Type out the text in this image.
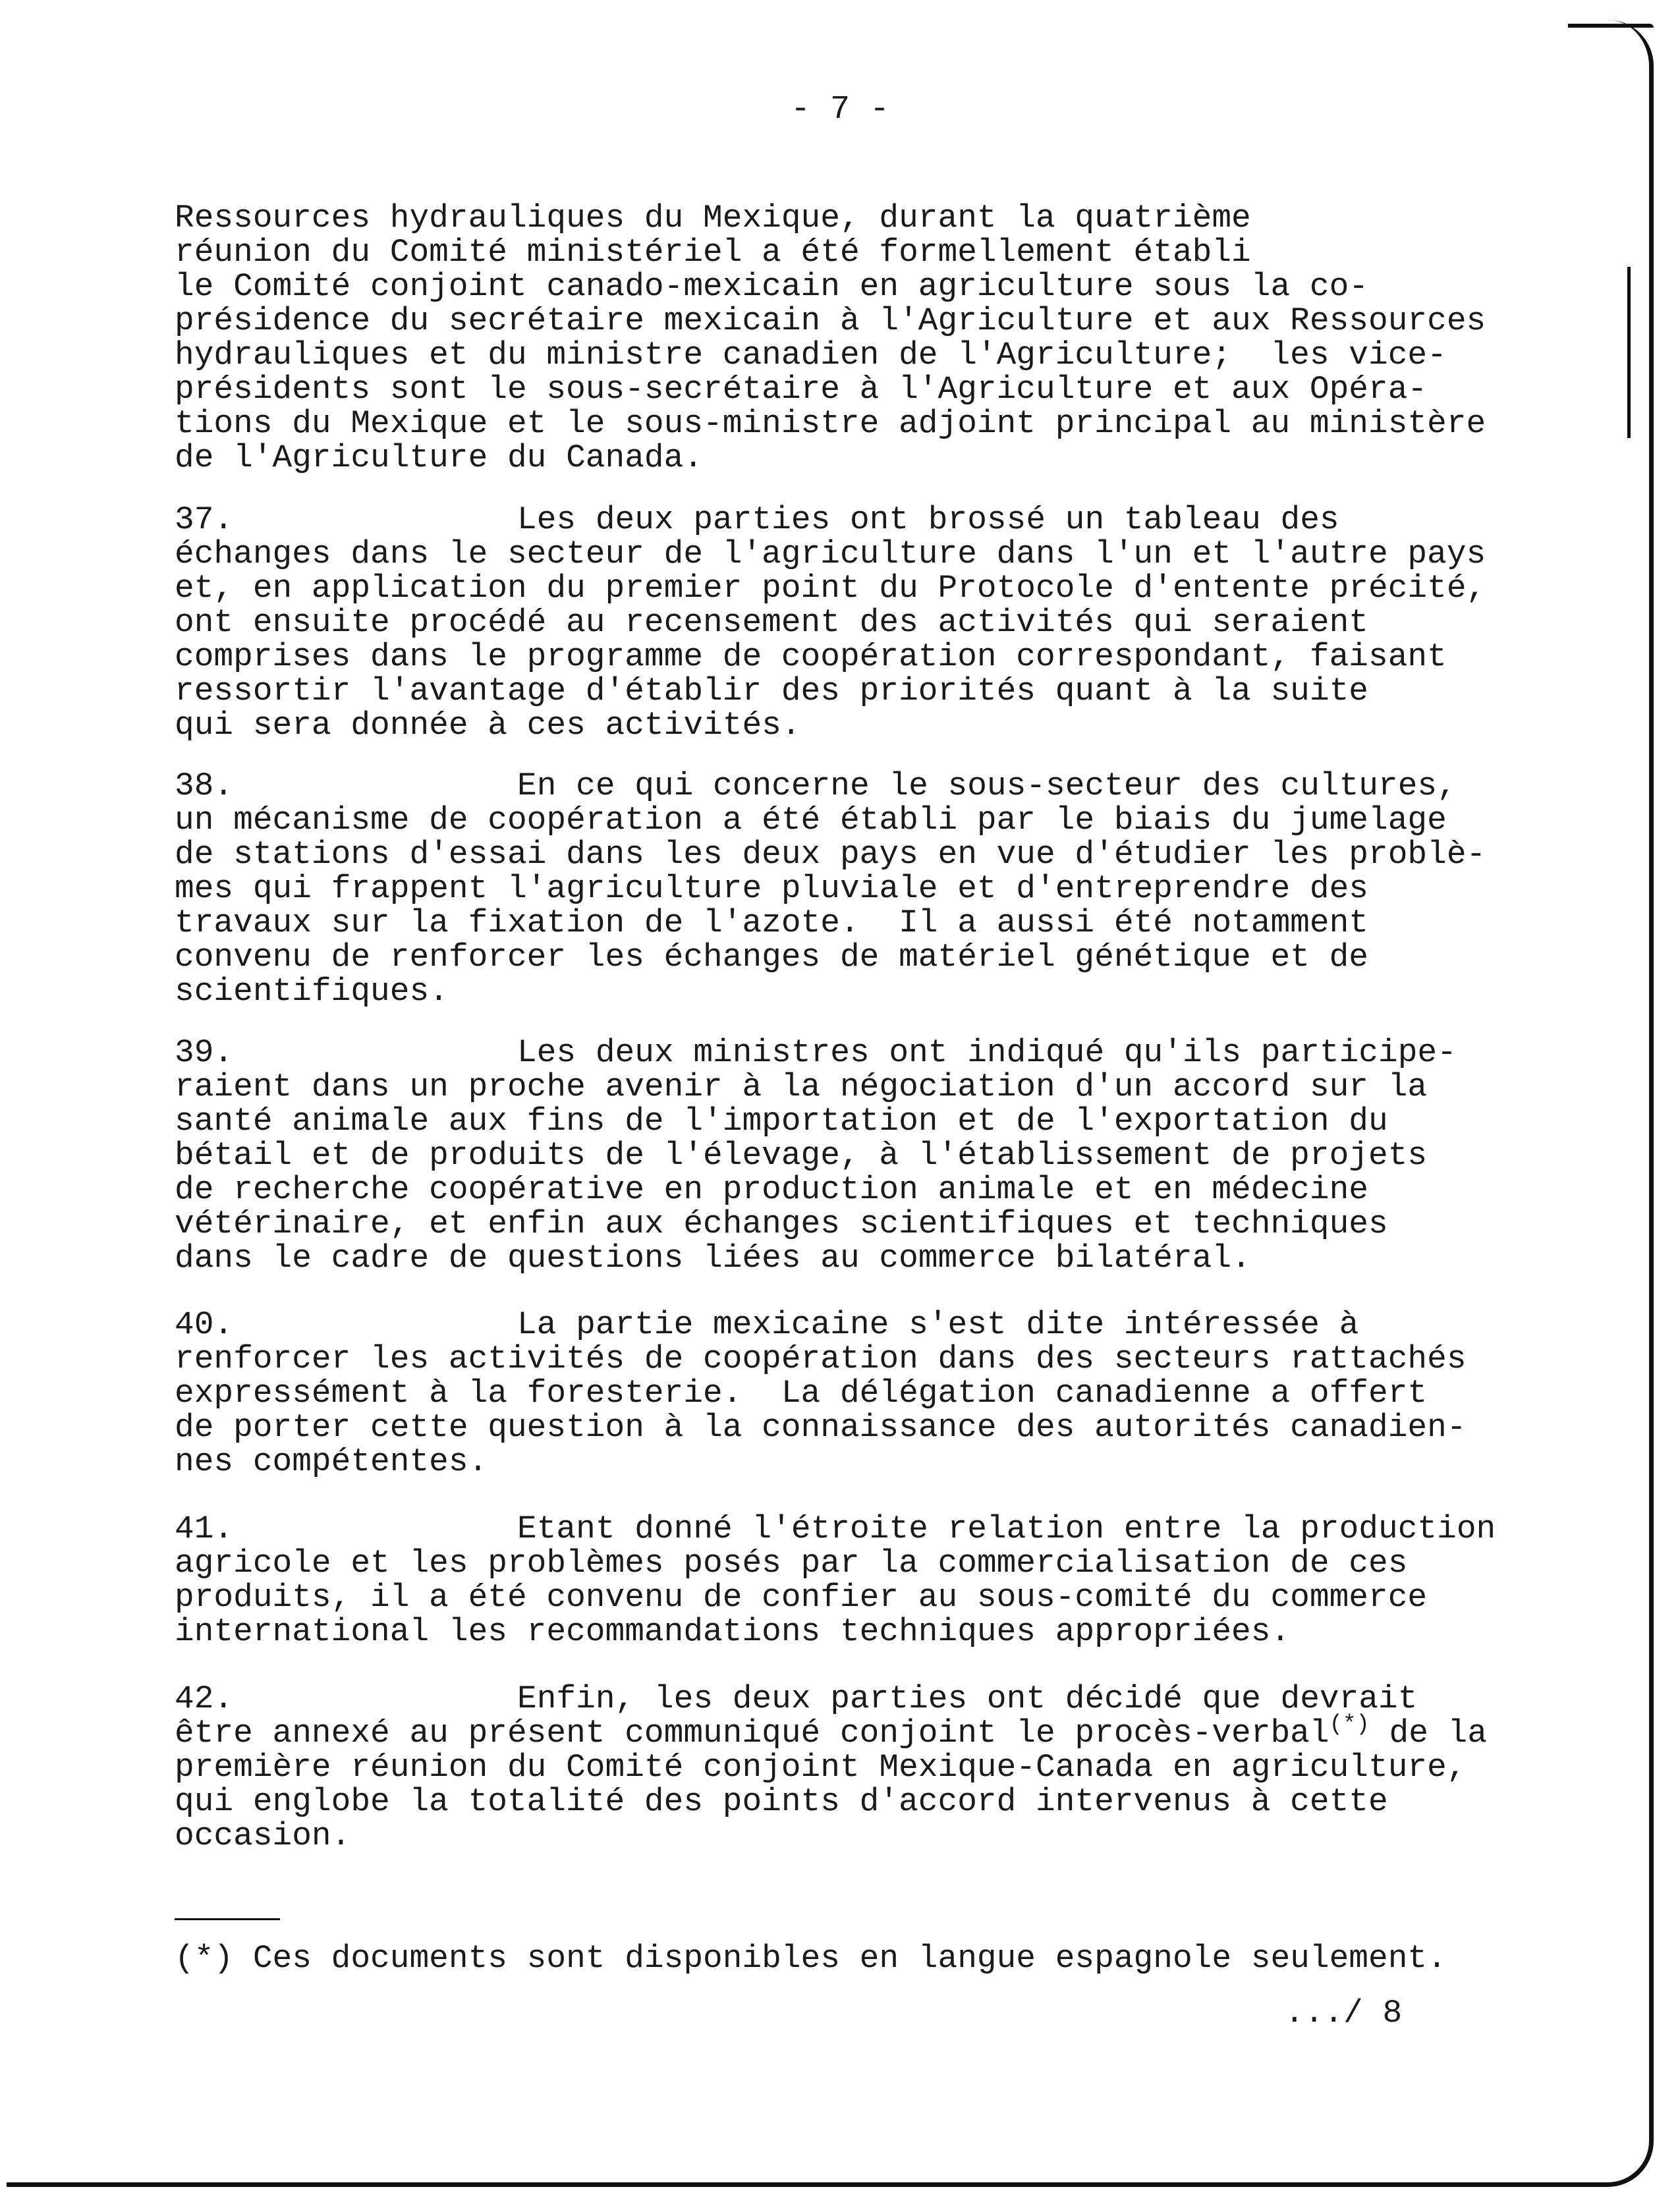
- 7 -
Ressources hydrauliques du Mexique, durant la quatrième
réunion du Comité ministériel a été formellement établi
le Comité conjoint canado-mexicain en agriculture sous la co-
présidence du secrétaire mexicain à l'Agriculture et aux Ressources
hydrauliques et du ministre canadien de l'Agriculture;  les vice-
présidents sont le sous-secrétaire à l'Agriculture et aux Opéra-
tions du Mexique et le sous-ministre adjoint principal au ministère
de l'Agriculture du Canada.
37.	Les deux parties ont brossé un tableau des
échanges dans le secteur de l'agriculture dans l'un et l'autre pays
et, en application du premier point du Protocole d'entente précité,
ont ensuite procédé au recensement des activités qui seraient
comprises dans le programme de coopération correspondant, faisant
ressortir l'avantage d'établir des priorités quant à la suite
qui sera donnée à ces activités.
38.	En ce qui concerne le sous-secteur des cultures,
un mécanisme de coopération a été établi par le biais du jumelage
de stations d'essai dans les deux pays en vue d'étudier les problè-
mes qui frappent l'agriculture pluviale et d'entreprendre des
travaux sur la fixation de l'azote.  Il a aussi été notamment
convenu de renforcer les échanges de matériel génétique et de
scientifiques.
39.	Les deux ministres ont indiqué qu'ils participe-
raient dans un proche avenir à la négociation d'un accord sur la
santé animale aux fins de l'importation et de l'exportation du
bétail et de produits de l'élevage, à l'établissement de projets
de recherche coopérative en production animale et en médecine
vétérinaire, et enfin aux échanges scientifiques et techniques
dans le cadre de questions liées au commerce bilatéral.
40.	La partie mexicaine s'est dite intéressée à
renforcer les activités de coopération dans des secteurs rattachés
expressément à la foresterie.  La délégation canadienne a offert
de porter cette question à la connaissance des autorités canadien-
nes compétentes.
41.	Etant donné l'étroite relation entre la production
agricole et les problèmes posés par la commercialisation de ces
produits, il a été convenu de confier au sous-comité du commerce
international les recommandations techniques appropriées.
42.	Enfin, les deux parties ont décidé que devrait
être annexé au présent communiqué conjoint le procès-verbal(*) de la
première réunion du Comité conjoint Mexique-Canada en agriculture,
qui englobe la totalité des points d'accord intervenus à cette
occasion.
(*) Ces documents sont disponibles en langue espagnole seulement.
.../ 8
